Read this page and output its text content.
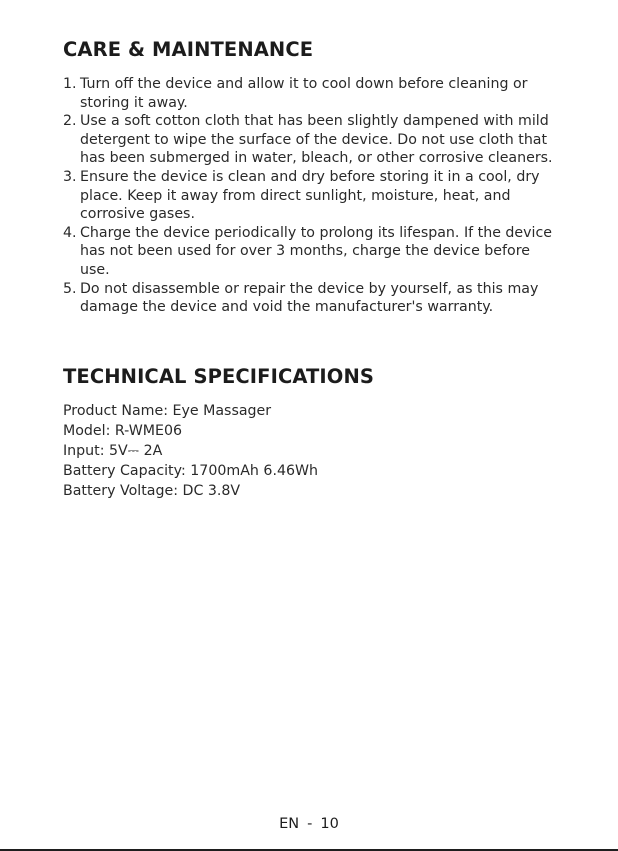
CARE & MAINTENANCE
1. Turn off the device and allow it to cool down before cleaning or storing it away.
2. Use a soft cotton cloth that has been slightly dampened with mild detergent to wipe the surface of the device. Do not use cloth that has been submerged in water, bleach, or other corrosive cleaners.
3. Ensure the device is clean and dry before storing it in a cool, dry place. Keep it away from direct sunlight, moisture, heat, and corrosive gases.
4. Charge the device periodically to prolong its lifespan. If the device has not been used for over 3 months, charge the device before use.
5. Do not disassemble or repair the device by yourself, as this may damage the device and void the manufacturer's warranty.
TECHNICAL SPECIFICATIONS
Product Name: Eye Massager
Model: R-WME06
Input: 5V⎓ 2A
Battery Capacity: 1700mAh 6.46Wh
Battery Voltage: DC 3.8V
EN - 10
